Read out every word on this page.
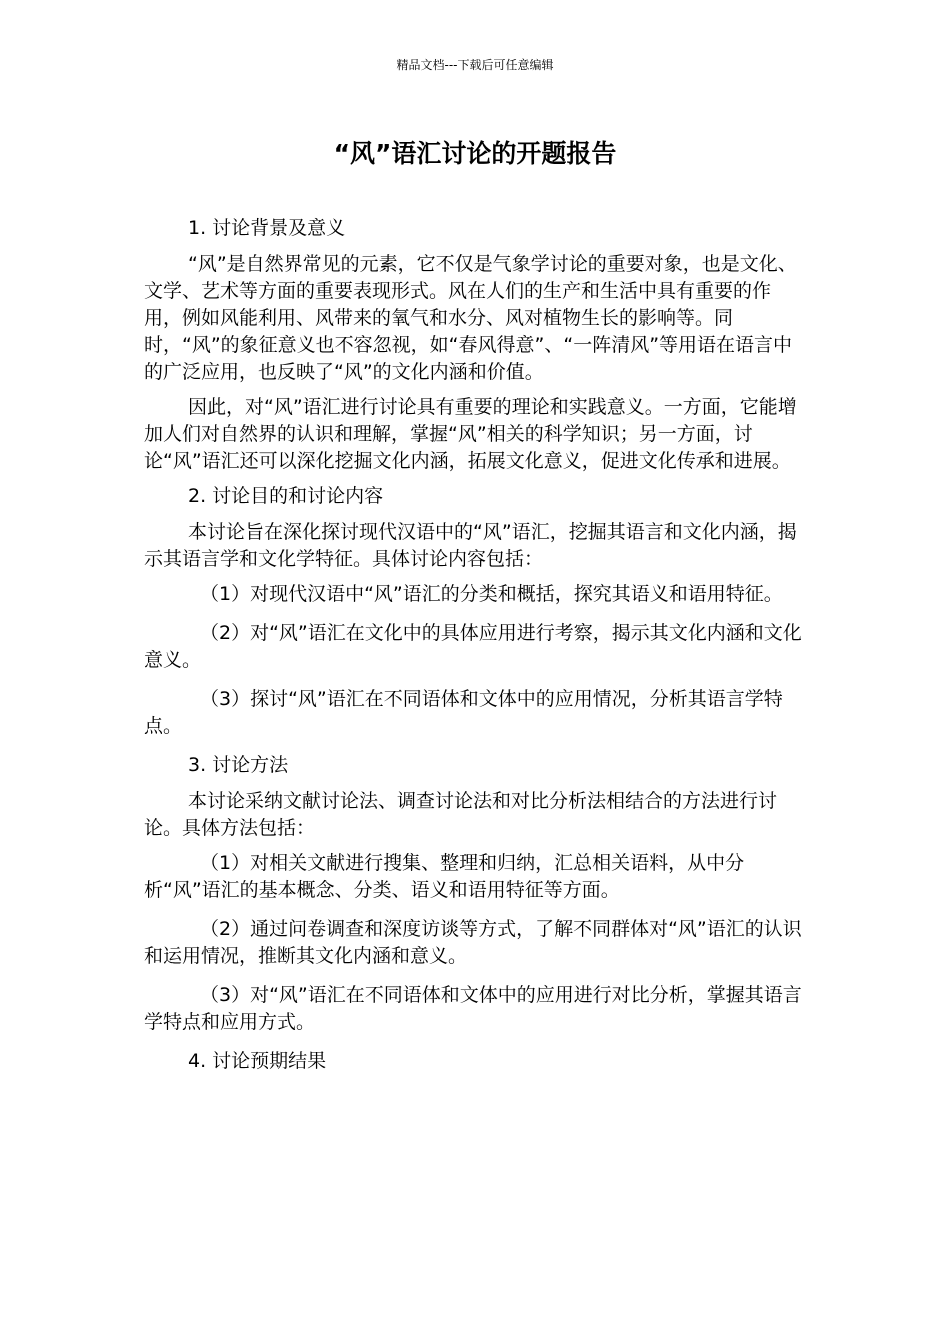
精品文档---下载后可任意编辑
“风”语汇讨论的开题报告

1. 讨论背景及意义

“风”是自然界常见的元素，它不仅是气象学讨论的重要对象，也是文化、文学、艺术等方面的重要表现形式。风在人们的生产和生活中具有重要的作用，例如风能利用、风带来的氧气和水分、风对植物生长的影响等。同时，“风”的象征意义也不容忽视，如“春风得意”、“一阵清风”等用语在语言中的广泛应用，也反映了“风”的文化内涵和价值。

因此，对“风”语汇进行讨论具有重要的理论和实践意义。一方面，它能增加人们对自然界的认识和理解，掌握“风”相关的科学知识；另一方面，讨论“风”语汇还可以深化挖掘文化内涵，拓展文化意义，促进文化传承和进展。

2. 讨论目的和讨论内容

本讨论旨在深化探讨现代汉语中的“风”语汇，挖掘其语言和文化内涵，揭示其语言学和文化学特征。具体讨论内容包括：

（1）对现代汉语中“风”语汇的分类和概括，探究其语义和语用特征。

（2）对“风”语汇在文化中的具体应用进行考察，揭示其文化内涵和文化意义。

（3）探讨“风”语汇在不同语体和文体中的应用情况，分析其语言学特点。

3. 讨论方法

本讨论采纳文献讨论法、调查讨论法和对比分析法相结合的方法进行讨论。具体方法包括：

（1）对相关文献进行搜集、整理和归纳，汇总相关语料，从中分析“风”语汇的基本概念、分类、语义和语用特征等方面。

（2）通过问卷调查和深度访谈等方式，了解不同群体对“风”语汇的认识和运用情况，推断其文化内涵和意义。

（3）对“风”语汇在不同语体和文体中的应用进行对比分析，掌握其语言学特点和应用方式。

4. 讨论预期结果
